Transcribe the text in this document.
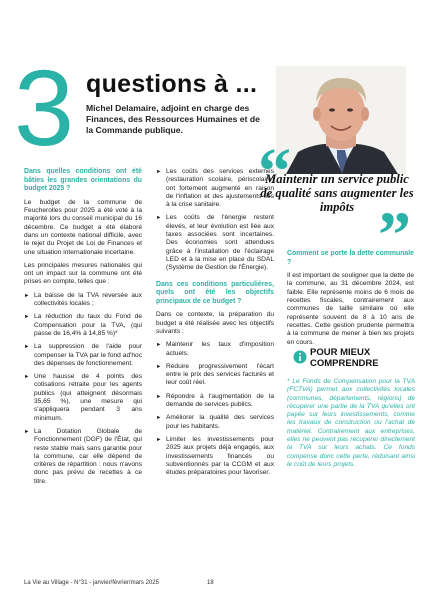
3 questions à ...
Michel Delamaire, adjoint en charge des Finances, des Ressources Humaines et de la Commande publique.

Dans quelles conditions ont été bâties les grandes orientations du budget 2025 ?

Le budget de la commune de Feucherolles pour 2025 a été voté à la majorité lors du conseil municipal du 16 décembre. Ce budget a été élaboré dans un contexte national difficile, avec le rejet du Projet de Loi de Finances et une situation internationale incertaine.

Les principales mesures nationales qui ont un impact sur la commune ont été prises en compte, telles que :

► La baisse de la TVA reversée aux collectivités locales ;
► La réduction du taux du Fond de Compensation pour la TVA, (qui passe de 16,4% à 14,85 %)*
► La suppression de l'aide pour compenser la TVA par le fond ad'hoc des dépenses de fonctionnement.
► Une hausse de 4 points des cotisations retraite pour les agents publics (qui atteignent désormais 35,65 %), une mesure qui s'appliquera pendant 3 ans minimum.
► La Dotation Globale de Fonctionnement (DGF) de l'État, qui reste stable mais sans garantie pour la commune, car elle dépend de critères de répartition : nous n'avons donc pas prévu de recettes à ce titre.
► Les coûts des services externes (restauration scolaire, périscolaire) ont fortement augmenté en raison de l'inflation et des ajustements liés à la crise sanitaire.
► Les coûts de l'énergie restent élevés, et leur évolution est liée aux taxes associées sont incertaines. Des économies sont attendues grâce à l'installation de l'éclairage LED et à la mise en place du SDAL (Système de Gestion de l'Énergie).

Dans ces conditions particulières, quels ont été les objectifs principaux de ce budget ?

Dans ce contexte, la préparation du budget a été réalisée avec les objectifs suivants :

► Maintenir les taux d'imposition actuels.
► Réduire progressivement l'écart entre le prix des services facturés et leur coût réel.
► Répondre à l'augmentation de la demande de services publics.
► Améliorer la qualité des services pour les habitants.
► Limiter les investissements pour 2025 aux projets déjà engagés, aux investissements financés ou subventionnés par la CCGM et aux études préparatoires pour favoriser.
“
Maintenir un service public de qualité sans augmenter les impôts ”

Comment se porte la dette communale ?

Il est important de souligner que la dette de la commune, au 31 décembre 2024, est faible. Elle représente moins de 6 mois de recettes fiscales, contrairement aux communes de taille similaire où elle représente souvent de 8 à 10 ans de recettes. Cette gestion prudente permettra à la commune de mener à bien les projets en cours.

POUR MIEUX
COMPRENDRE
* Le Fonds de Compensation pour la TVA (FCTVA) permet aux collectivités locales (communes, départements, régions) de récupérer une partie de la TVA qu'elles ont payée sur leurs investissements, comme les travaux de construction ou l'achat de matériel. Contrairement aux entreprises, elles ne peuvent pas récupérer directement la TVA sur leurs achats. Ce fonds compense donc cette perte, réduisant ainsi le coût de leurs projets.
La Vie au Village - N°31 - janvier/février/mars 2025	18
